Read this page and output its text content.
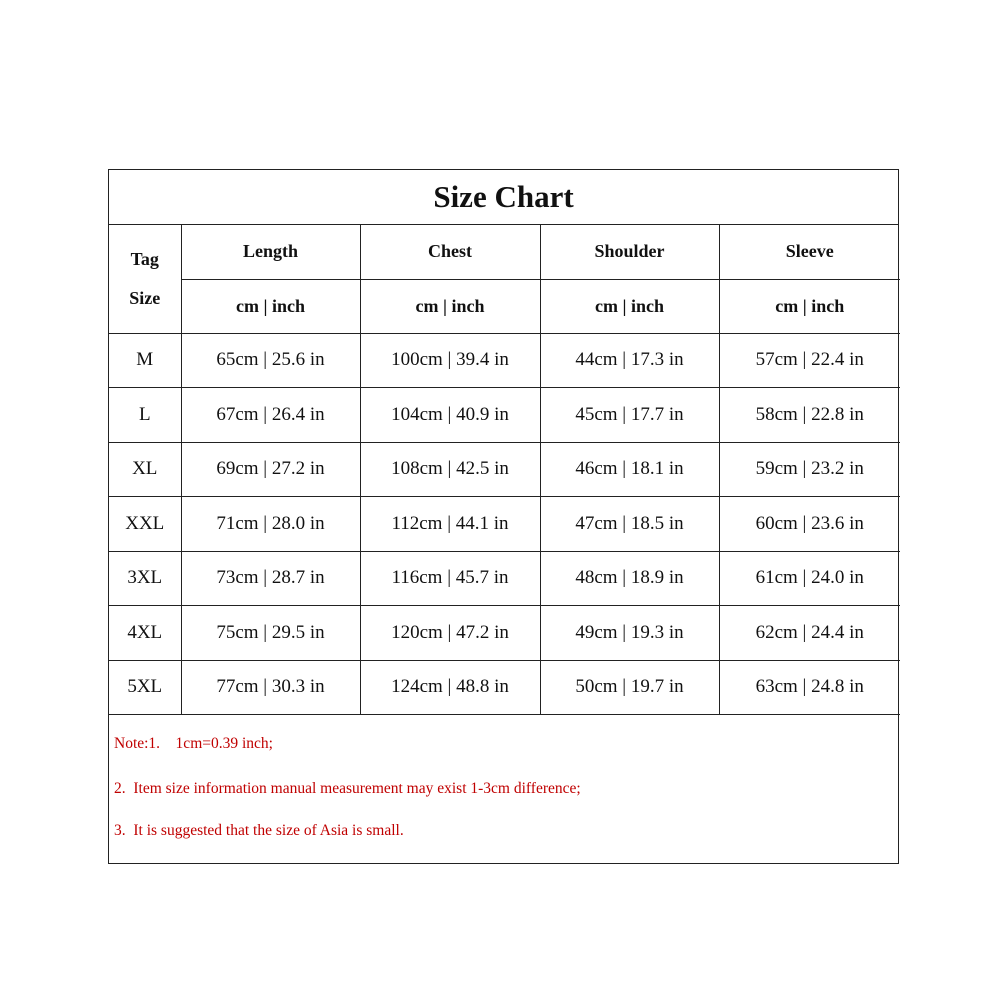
Size Chart
Tag
Size	Length	Chest	Shoulder	Sleeve
	cm | inch	cm | inch	cm | inch	cm | inch
M	65cm | 25.6 in	100cm | 39.4 in	44cm | 17.3 in	57cm | 22.4 in
L	67cm | 26.4 in	104cm | 40.9 in	45cm | 17.7 in	58cm | 22.8 in
XL	69cm | 27.2 in	108cm | 42.5 in	46cm | 18.1 in	59cm | 23.2 in
XXL	71cm | 28.0 in	112cm | 44.1 in	47cm | 18.5 in	60cm | 23.6 in
3XL	73cm | 28.7 in	116cm | 45.7 in	48cm | 18.9 in	61cm | 24.0 in
4XL	75cm | 29.5 in	120cm | 47.2 in	49cm | 19.3 in	62cm | 24.4 in
5XL	77cm | 30.3 in	124cm | 48.8 in	50cm | 19.7 in	63cm | 24.8 in
Note:1.    1cm=0.39 inch;
2.  Item size information manual measurement may exist 1-3cm difference;
3.  It is suggested that the size of Asia is small.
